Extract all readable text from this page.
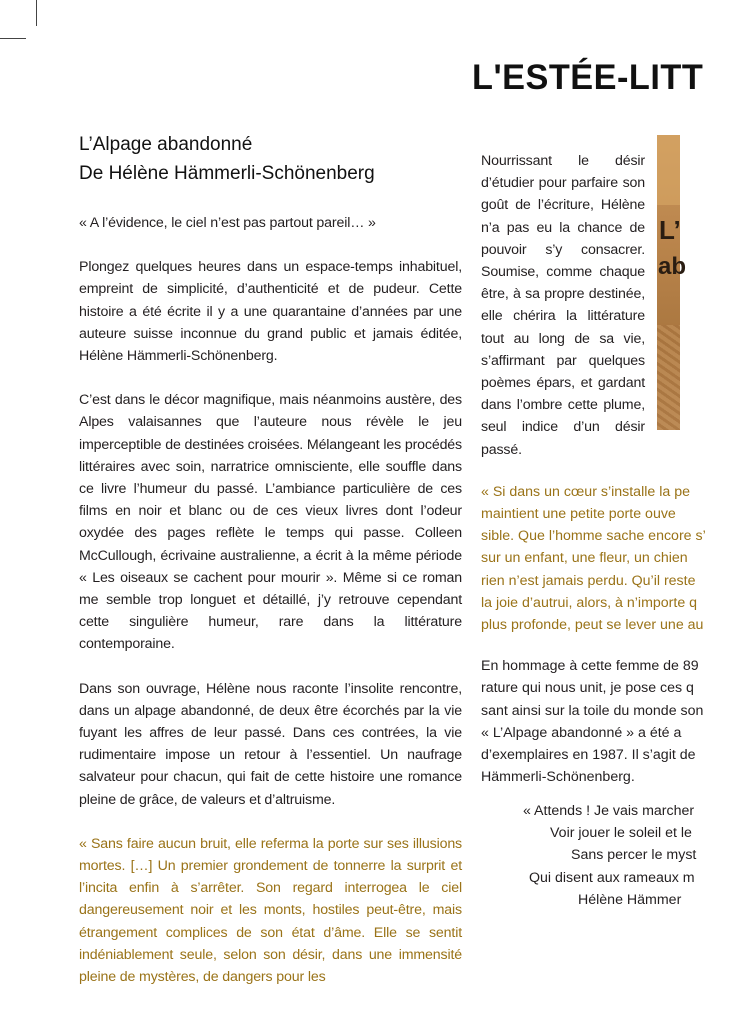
L'ESTÉE-LITT
L’Alpage abandonné
De Hélène Hämmerli-Schönenberg

« A l’évidence, le ciel n’est pas partout pareil… »

Plongez quelques heures dans un espace-temps inhabituel, empreint de simplicité, d’authenticité et de pudeur. Cette histoire a été écrite il y a une quarantaine d’années par une auteure suisse inconnue du grand public et jamais éditée, Hélène Hämmerli-Schönenberg.

C’est dans le décor magnifique, mais néanmoins austère, des Alpes valaisannes que l’auteure nous révèle le jeu imperceptible de destinées croisées. Mélangeant les procédés littéraires avec soin, narratrice omnisciente, elle souffle dans ce livre l’humeur du passé. L’ambiance particulière de ces films en noir et blanc ou de ces vieux livres dont l’odeur oxydée des pages reflète le temps qui passe. Colleen McCullough, écrivaine australienne, a écrit à la même période « Les oiseaux se cachent pour mourir ». Même si ce roman me semble trop longuet et détaillé, j’y retrouve cependant cette singulière humeur, rare dans la littérature contemporaine.

Dans son ouvrage, Hélène nous raconte l’insolite rencontre, dans un alpage abandonné, de deux être écorchés par la vie fuyant les affres de leur passé. Dans ces contrées, la vie rudimentaire impose un retour à l’essentiel. Un naufrage salvateur pour chacun, qui fait de cette histoire une romance pleine de grâce, de valeurs et d’altruisme.

« Sans faire aucun bruit, elle referma la porte sur ses illusions mortes. […] Un premier grondement de tonnerre la surprit et l’incita enfin à s’arrêter. Son regard interrogea le ciel dangereusement noir et les monts, hostiles peut-être, mais étrangement complices de son état d’âme. Elle se sentit indéniablement seule, selon son désir, dans une immensité pleine de mystères, de dangers pour les

L’
ab

Nourrissant le désir d’étudier pour parfaire son goût de l’écriture, Hélène n’a pas eu la chance de pouvoir s’y consacrer. Soumise, comme chaque être, à sa propre destinée, elle chérira la littérature tout au long de sa vie, s’affirmant par quelques poèmes épars, et gardant dans l’ombre cette plume, seul indice d’un désir passé.

« Si dans un cœur s’installe la pe
maintient une petite porte ouve
sible. Que l’homme sache encore s’
sur un enfant, une fleur, un chien
rien n’est jamais perdu. Qu’il reste
la joie d’autrui, alors, à n’importe q
plus profonde, peut se lever une au
En hommage à cette femme de 89
rature qui nous unit, je pose ces q
sant ainsi sur la toile du monde son
« L’Alpage abandonné » a été a
d’exemplaires en 1987. Il s’agit de
Hämmerli-Schönenberg.
« Attends ! Je vais marcher
Voir jouer le soleil et le
Sans percer le myst
Qui disent aux rameaux m
Hélène Hämmer
